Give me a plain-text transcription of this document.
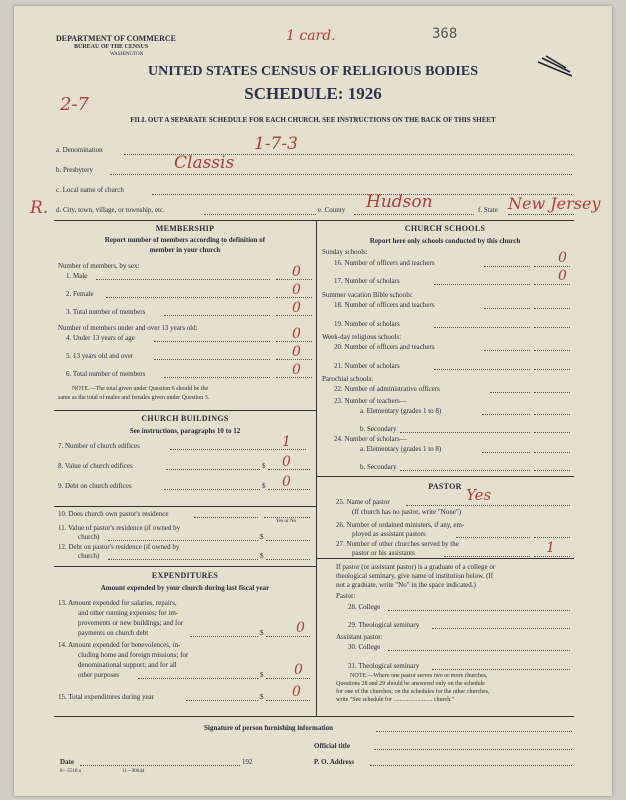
DEPARTMENT OF COMMERCE
BUREAU OF THE CENSUS
WASHINGTON
1 card.	368
UNITED STATES CENSUS OF RELIGIOUS BODIES
SCHEDULE: 1926
2-7
FILL OUT A SEPARATE SCHEDULE FOR EACH CHURCH. SEE INSTRUCTIONS ON THE BACK OF THIS SHEET
a. Denomination	1-7-3
b. Presbytery	Classis
c. Local name of church
R. d. City, town, village, or township, etc.	e. County Hudson	f. State New Jersey
MEMBERSHIP
Report number of members according to definition of
member in your church
Number of members, by sex:
1. Male	0
2. Female	0
3. Total number of members	0
Number of members under and over 13 years old:
4. Under 13 years of age	0
5. 13 years old and over	0
6. Total number of members	0
NOTE.—The total given under Question 6 should be the
same as the total of males and females given under Question 3.
CHURCH BUILDINGS
See instructions, paragraphs 10 to 12
7. Number of church edifices	1
8. Value of church edifices	$ 0
9. Debt on church edifices	$ 0
10. Does church own pastor's residence
Yes or No
11. Value of pastor's residence (if owned by
church)	$
12. Debt on pastor's residence (if owned by
church)	$
EXPENDITURES
Amount expended by your church during last fiscal year
13. Amount expended for salaries, repairs,
and other running expenses; for im-
provements or new buildings; and for
payments on church debt	$ 0
14. Amount expended for benevolences, in-
cluding home and foreign missions; for
denominational support; and for all
other purposes	$ 0
15. Total expenditures during year	$ 0
CHURCH SCHOOLS
Report here only schools conducted by this church
Sunday schools:
16. Number of officers and teachers	0
17. Number of scholars	0
Summer vacation Bible schools:
18. Number of officers and teachers
19. Number of scholars
Week-day religious schools:
20. Number of officers and teachers
21. Number of scholars
Parochial schools:
22. Number of administrative officers
23. Number of teachers—
a. Elementary (grades 1 to 8)
b. Secondary
24. Number of scholars—
a. Elementary (grades 1 to 8)
b. Secondary
PASTOR
25. Name of pastor	Yes
(If church has no pastor, write "None")
26. Number of ordained ministers, if any, em-
ployed as assistant pastors
27. Number of other churches served by the
pastor or his assistants	1
If pastor (or assistant pastor) is a graduate of a college or
theological seminary, give name of institution below. (If
not a graduate, write "No" in the space indicated.)
Pastor:
28. College
29. Theological seminary
Assistant pastor:
30. College
31. Theological seminary
NOTE.—Where one pastor serves two or more churches,
Questions 28 and 29 should be answered only on the schedule
for one of the churches; on the schedules for the other churches,
write "See schedule for .......................... church."
Signature of person furnishing information
Official title
Date	192	P. O. Address
8—5518 a	11—9064d
